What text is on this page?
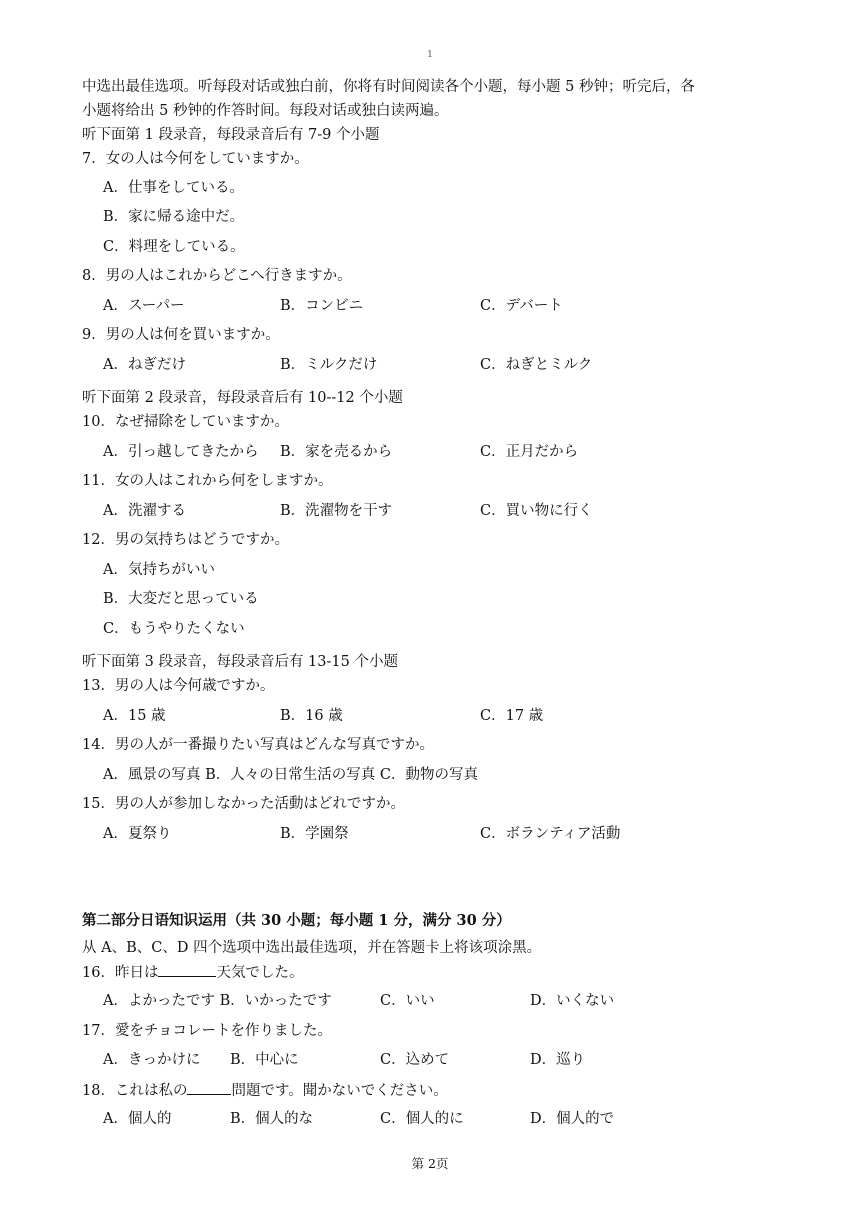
1
中选出最佳选项。听每段对话或独白前，你将有时间阅读各个小题，每小题 5 秒钟；听完后，各
小题将给出 5 秒钟的作答时间。每段对话或独白读两遍。
听下面第 1 段录音，每段录音后有 7-9 个小题
7．女の人は今何をしていますか。
A．仕事をしている。
B．家に帰る途中だ。
C．料理をしている。
8．男の人はこれからどこへ行きますか。
A．スーパー	B．コンビニ	C．デバート
9．男の人は何を買いますか。
A．ねぎだけ	B．ミルクだけ	C．ねぎとミルク
听下面第 2 段录音，每段录音后有 10--12 个小题
10．なぜ掃除をしていますか。
A．引っ越してきたから B．家を売るから	C．正月だから
11．女の人はこれから何をしますか。
A．洗濯する	B．洗濯物を干す	C．買い物に行く
12．男の気持ちはどうですか。
A．気持ちがいい
B．大変だと思っている
C．もうやりたくない
听下面第 3 段录音，每段录音后有 13-15 个小题
13．男の人は今何歳ですか。
A．15 歳	B．16 歳	C．17 歳
14．男の人が一番撮りたい写真はどんな写真ですか。
A．風景の写真 B．人々の日常生活の写真 C．動物の写真
15．男の人が参加しなかった活動はどれですか。
A．夏祭り	B．学園祭	C．ボランティア活動
第二部分日语知识运用（共 30 小题；每小题 1 分，满分 30 分）
从 A、B、C、D 四个选项中选出最佳选项，并在答题卡上将该项涂黑。
16．昨日は	天気でした。
A．よかったです B．いかったです	C．いい	D．いくない
17．愛をチョコレートを作りました。
A．きっかけに B．中心に	C．込めて	D．巡り
18．これは私の	問題です。聞かないでください。
A．個人的	B．個人的な	C．個人的に	D．個人的で
第 2页
